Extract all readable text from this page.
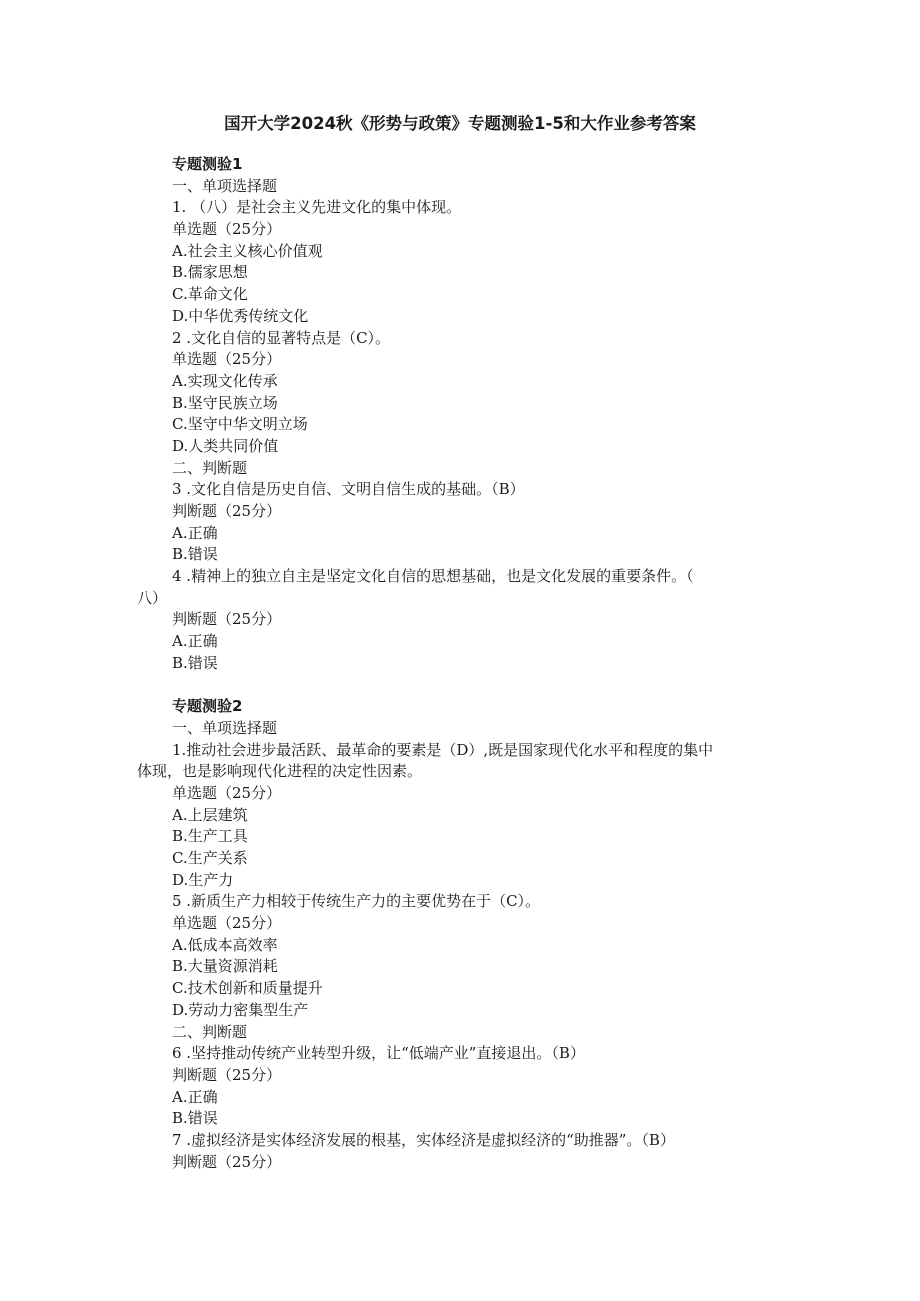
国开大学2024秋《形势与政策》专题测验1-5和大作业参考答案
专题测验1
一、单项选择题
1. （八）是社会主义先进文化的集中体现。
单选题（25分）
A.社会主义核心价值观
B.儒家思想
C.革命文化
D.中华优秀传统文化
2 .文化自信的显著特点是（C）。
单选题（25分）
A.实现文化传承
B.坚守民族立场
C.坚守中华文明立场
D.人类共同价值
二、判断题
3 .文化自信是历史自信、文明自信生成的基础。（B）
判断题（25分）
A.正确
B.错误
4 .精神上的独立自主是坚定文化自信的思想基础，也是文化发展的重要条件。（
八）
判断题（25分）
A.正确
B.错误
专题测验2
一、单项选择题
1.推动社会进步最活跃、最革命的要素是（D）,既是国家现代化水平和程度的集中
体现，也是影响现代化进程的决定性因素。
单选题（25分）
A.上层建筑
B.生产工具
C.生产关系
D.生产力
5 .新质生产力相较于传统生产力的主要优势在于（C）。
单选题（25分）
A.低成本高效率
B.大量资源消耗
C.技术创新和质量提升
D.劳动力密集型生产
二、判断题
6 .坚持推动传统产业转型升级，让“低端产业”直接退出。（B）
判断题（25分）
A.正确
B.错误
7 .虚拟经济是实体经济发展的根基，实体经济是虚拟经济的“助推器”。（B）
判断题（25分）
